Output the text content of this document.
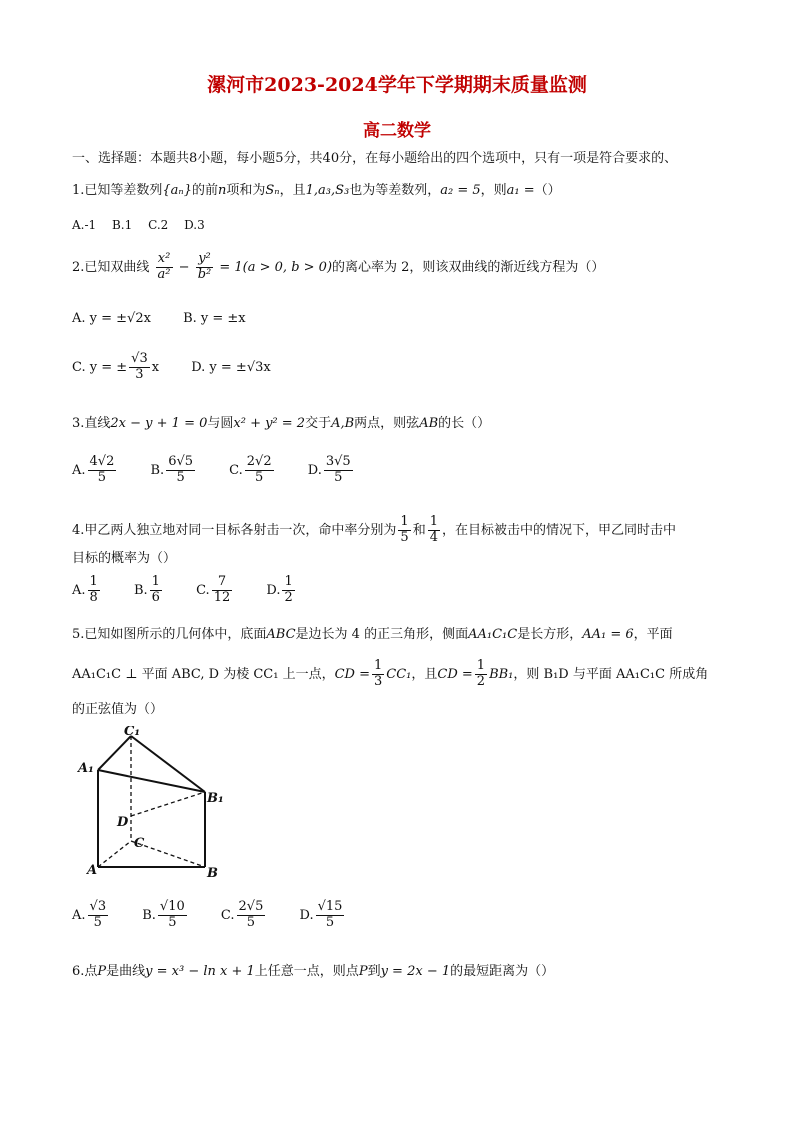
漯河市2023-2024学年下学期期末质量监测
高二数学
一、选择题：本题共8小题，每小题5分，共40分，在每小题给出的四个选项中，只有一项是符合要求的、
1.已知等差数列{aₙ}的前n项和为Sₙ，且1,a₃,S₃也为等差数列，a₂ = 5，则a₁ =（）
A.-1　 B.1　 C.2　 D.3
2.已知双曲线 $\frac{\text{x²}}{\text{a²}} - \frac{\text{y²}}{\text{b²}} = 1(a > 0$, b > 0)的离心率为 2，则该双曲线的渐近线方程为（）
A. y = ±√2x B. y = ±x
C. y = ± $\frac{√3}{3}$ x D. y = ±√3x
3.直线2x − y + 1 = 0与圆x² + y² = 2交于A,B两点，则弦AB的长（）
A. $\frac{4√2}{5}$	B. $\frac{6√5}{5}$	C. $\frac{2√2}{5}$	D. $\frac{3√5}{5}$
4.甲乙两人独立地对同一目标各射击一次，命中率分别为 $\frac{1}{5}$ 和 $\frac{1}{4}$ ，在目标被击中的情况下，甲乙同时击中
目标的概率为（）
A. $\frac{1}{8}$	B. $\frac{1}{6}$	C. $\frac{7}{12}$	D. $\frac{1}{2}$
5.已知如图所示的几何体中，底面ABC是边长为 4 的正三角形，侧面AA₁C₁C是长方形，AA₁ = 6，平面
AA₁C₁C ⊥ 平面 ABC, D 为棱 CC₁ 上一点，CD = $\frac{1}{3} CC_1$，且CD = $\frac{1}{2} BB_1$，则 B₁D 与平面 AA₁C₁C 所成角
的正弦值为（）
C₁
A₁
B₁
D
C
A	B
A. $\frac{√3}{5}$	B. $\frac{√10}{5}$	C. $\frac{2√5}{5}$	D. $\frac{√15}{5}$
6.点P是曲线y = x³ − ln x + 1上任意一点，则点P到y = 2x − 1的最短距离为（）
